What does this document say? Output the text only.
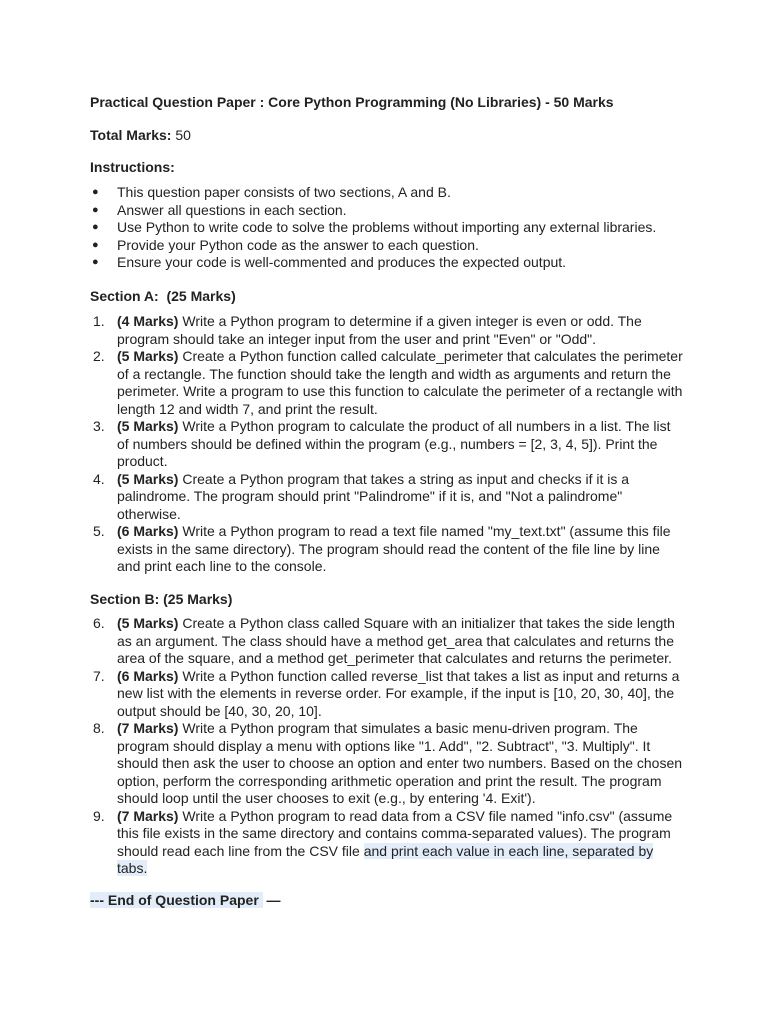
Practical Question Paper : Core Python Programming (No Libraries) - 50 Marks
Total Marks: 50
Instructions:
● This question paper consists of two sections, A and B.
● Answer all questions in each section.
● Use Python to write code to solve the problems without importing any external libraries.
● Provide your Python code as the answer to each question.
● Ensure your code is well-commented and produces the expected output.
Section A:  (25 Marks)
1. (4 Marks) Write a Python program to determine if a given integer is even or odd. The
program should take an integer input from the user and print "Even" or "Odd".
2. (5 Marks) Create a Python function called calculate_perimeter that calculates the perimeter
of a rectangle. The function should take the length and width as arguments and return the
perimeter. Write a program to use this function to calculate the perimeter of a rectangle with
length 12 and width 7, and print the result.
3. (5 Marks) Write a Python program to calculate the product of all numbers in a list. The list
of numbers should be defined within the program (e.g., numbers = [2, 3, 4, 5]). Print the
product.
4. (5 Marks) Create a Python program that takes a string as input and checks if it is a
palindrome. The program should print "Palindrome" if it is, and "Not a palindrome"
otherwise.
5. (6 Marks) Write a Python program to read a text file named "my_text.txt" (assume this file
exists in the same directory). The program should read the content of the file line by line
and print each line to the console.
Section B: (25 Marks)
6. (5 Marks) Create a Python class called Square with an initializer that takes the side length
as an argument. The class should have a method get_area that calculates and returns the
area of the square, and a method get_perimeter that calculates and returns the perimeter.
7. (6 Marks) Write a Python function called reverse_list that takes a list as input and returns a
new list with the elements in reverse order. For example, if the input is [10, 20, 30, 40], the
output should be [40, 30, 20, 10].
8. (7 Marks) Write a Python program that simulates a basic menu-driven program. The
program should display a menu with options like "1. Add", "2. Subtract", "3. Multiply". It
should then ask the user to choose an option and enter two numbers. Based on the chosen
option, perform the corresponding arithmetic operation and print the result. The program
should loop until the user chooses to exit (e.g., by entering '4. Exit').
9. (7 Marks) Write a Python program to read data from a CSV file named "info.csv" (assume
this file exists in the same directory and contains comma-separated values). The program
should read each line from the CSV file and print each value in each line, separated by
tabs.
--- End of Question Paper  —
